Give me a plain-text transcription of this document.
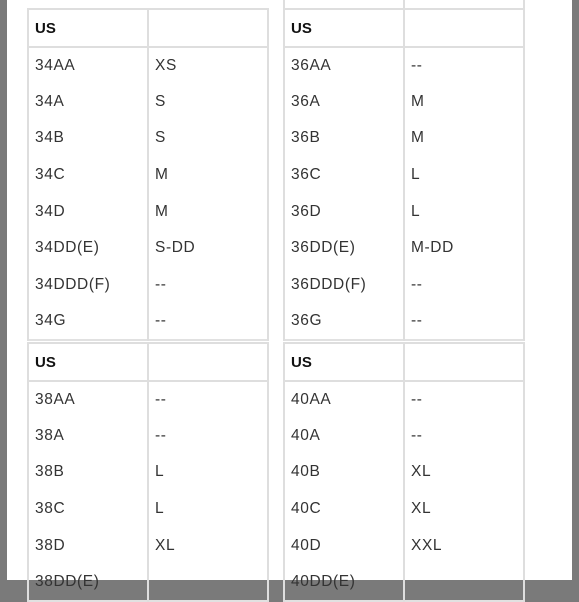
US	
34AA	XS
34A	S
34B	S
34C	M
34D	M
34DD(E)	S-DD
34DDD(F)	--
34G	--
US	
36AA	--
36A	M
36B	M
36C	L
36D	L
36DD(E)	M-DD
36DDD(F)	--
36G	--
US	
38AA	--
38A	--
38B	L
38C	L
38D	XL
38DD(E)	
US	
40AA	--
40A	--
40B	XL
40C	XL
40D	XXL
40DD(E)	
